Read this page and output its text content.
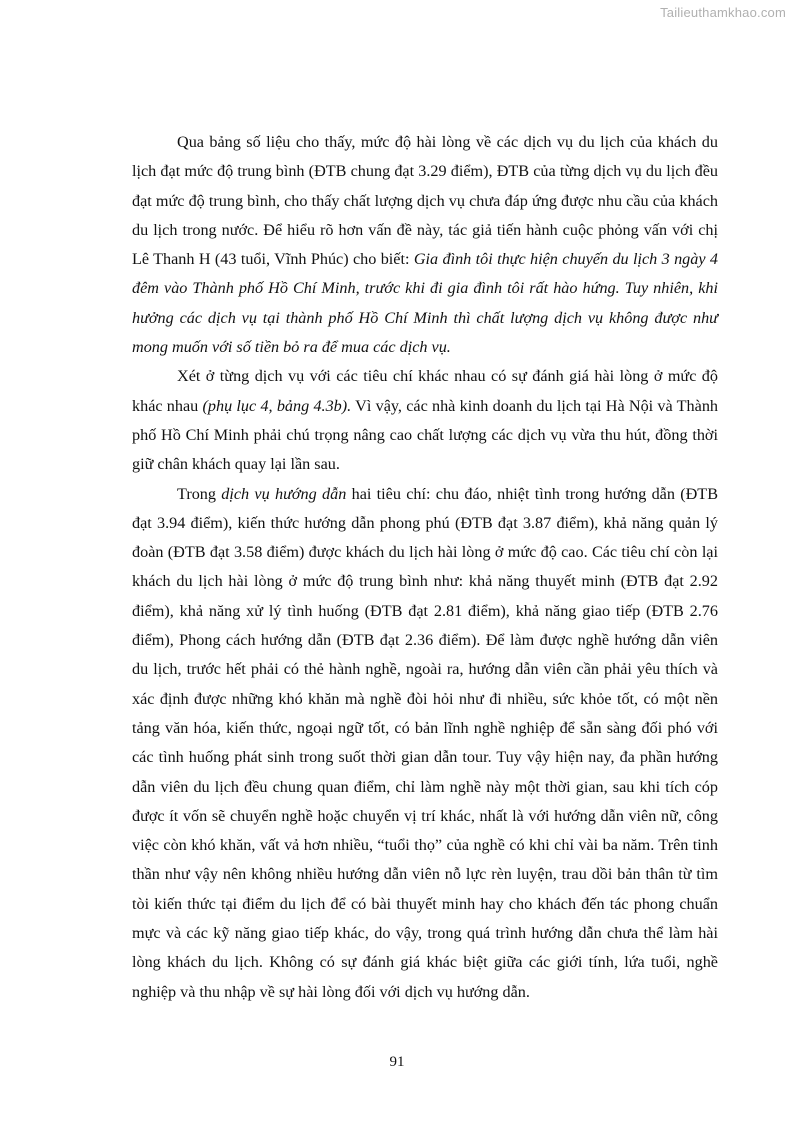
Tailieuthamkhao.com

Qua bảng số liệu cho thấy, mức độ hài lòng về các dịch vụ du lịch của khách du lịch đạt mức độ trung bình (ĐTB chung đạt 3.29 điểm), ĐTB của từng dịch vụ du lịch đều đạt mức độ trung bình, cho thấy chất lượng dịch vụ chưa đáp ứng được nhu cầu của khách du lịch trong nước. Để hiểu rõ hơn vấn đề này, tác giả tiến hành cuộc phỏng vấn với chị Lê Thanh H (43 tuổi, Vĩnh Phúc) cho biết: Gia đình tôi thực hiện chuyến du lịch 3 ngày 4 đêm vào Thành phố Hồ Chí Minh, trước khi đi gia đình tôi rất hào hứng. Tuy nhiên, khi hưởng các dịch vụ tại thành phố Hồ Chí Minh thì chất lượng dịch vụ không được như mong muốn với số tiền bỏ ra để mua các dịch vụ.

Xét ở từng dịch vụ với các tiêu chí khác nhau có sự đánh giá hài lòng ở mức độ khác nhau (phụ lục 4, bảng 4.3b). Vì vậy, các nhà kinh doanh du lịch tại Hà Nội và Thành phố Hồ Chí Minh phải chú trọng nâng cao chất lượng các dịch vụ vừa thu hút, đồng thời giữ chân khách quay lại lần sau.

Trong dịch vụ hướng dẫn hai tiêu chí: chu đáo, nhiệt tình trong hướng dẫn (ĐTB đạt 3.94 điểm), kiến thức hướng dẫn phong phú (ĐTB đạt 3.87 điểm), khả năng quản lý đoàn (ĐTB đạt 3.58 điểm) được khách du lịch hài lòng ở mức độ cao. Các tiêu chí còn lại khách du lịch hài lòng ở mức độ trung bình như: khả năng thuyết minh (ĐTB đạt 2.92 điểm), khả năng xử lý tình huống (ĐTB đạt 2.81 điểm), khả năng giao tiếp (ĐTB 2.76 điểm), Phong cách hướng dẫn (ĐTB đạt 2.36 điểm). Để làm được nghề hướng dẫn viên du lịch, trước hết phải có thẻ hành nghề, ngoài ra, hướng dẫn viên cần phải yêu thích và xác định được những khó khăn mà nghề đòi hỏi như đi nhiều, sức khỏe tốt, có một nền tảng văn hóa, kiến thức, ngoại ngữ tốt, có bản lĩnh nghề nghiệp để sẵn sàng đối phó với các tình huống phát sinh trong suốt thời gian dẫn tour. Tuy vậy hiện nay, đa phần hướng dẫn viên du lịch đều chung quan điểm, chỉ làm nghề này một thời gian, sau khi tích cóp được ít vốn sẽ chuyển nghề hoặc chuyển vị trí khác, nhất là với hướng dẫn viên nữ, công việc còn khó khăn, vất vả hơn nhiều, “tuổi thọ” của nghề có khi chỉ vài ba năm. Trên tinh thần như vậy nên không nhiều hướng dẫn viên nỗ lực rèn luyện, trau dồi bản thân từ tìm tòi kiến thức tại điểm du lịch để có bài thuyết minh hay cho khách đến tác phong chuẩn mực và các kỹ năng giao tiếp khác, do vậy, trong quá trình hướng dẫn chưa thể làm hài lòng khách du lịch. Không có sự đánh giá khác biệt giữa các giới tính, lứa tuổi, nghề nghiệp và thu nhập về sự hài lòng đối với dịch vụ hướng dẫn.

91
